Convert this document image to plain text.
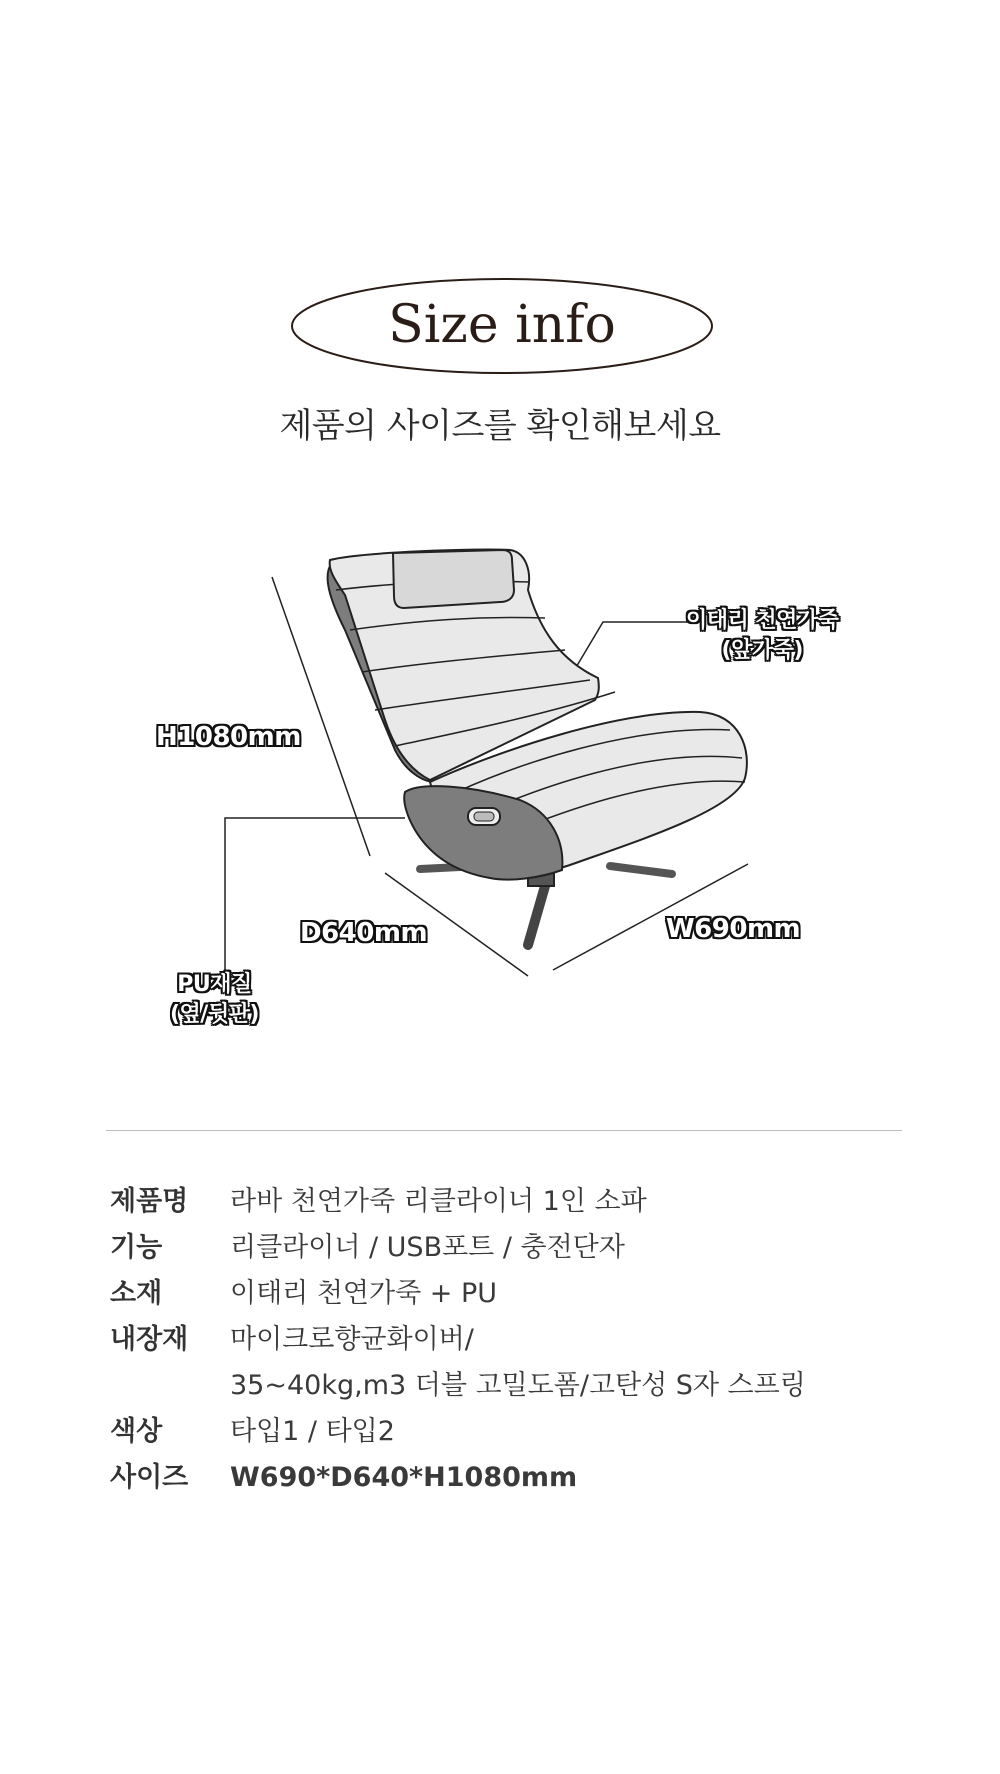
Size info
제품의 사이즈를 확인해보세요
H1080mm
D640mm	W690mm
이태리 천연가죽
(앞가죽)
PU재질
(옆/뒷판)
제품명	라바 천연가죽 리클라이너 1인 소파
기능	리클라이너 / USB포트 / 충전단자
소재	이태리 천연가죽 + PU
내장재	마이크로향균화이버/
35~40kg,m3 더블 고밀도폼/고탄성 S자 스프링
색상	타입1 / 타입2
사이즈	W690*D640*H1080mm
